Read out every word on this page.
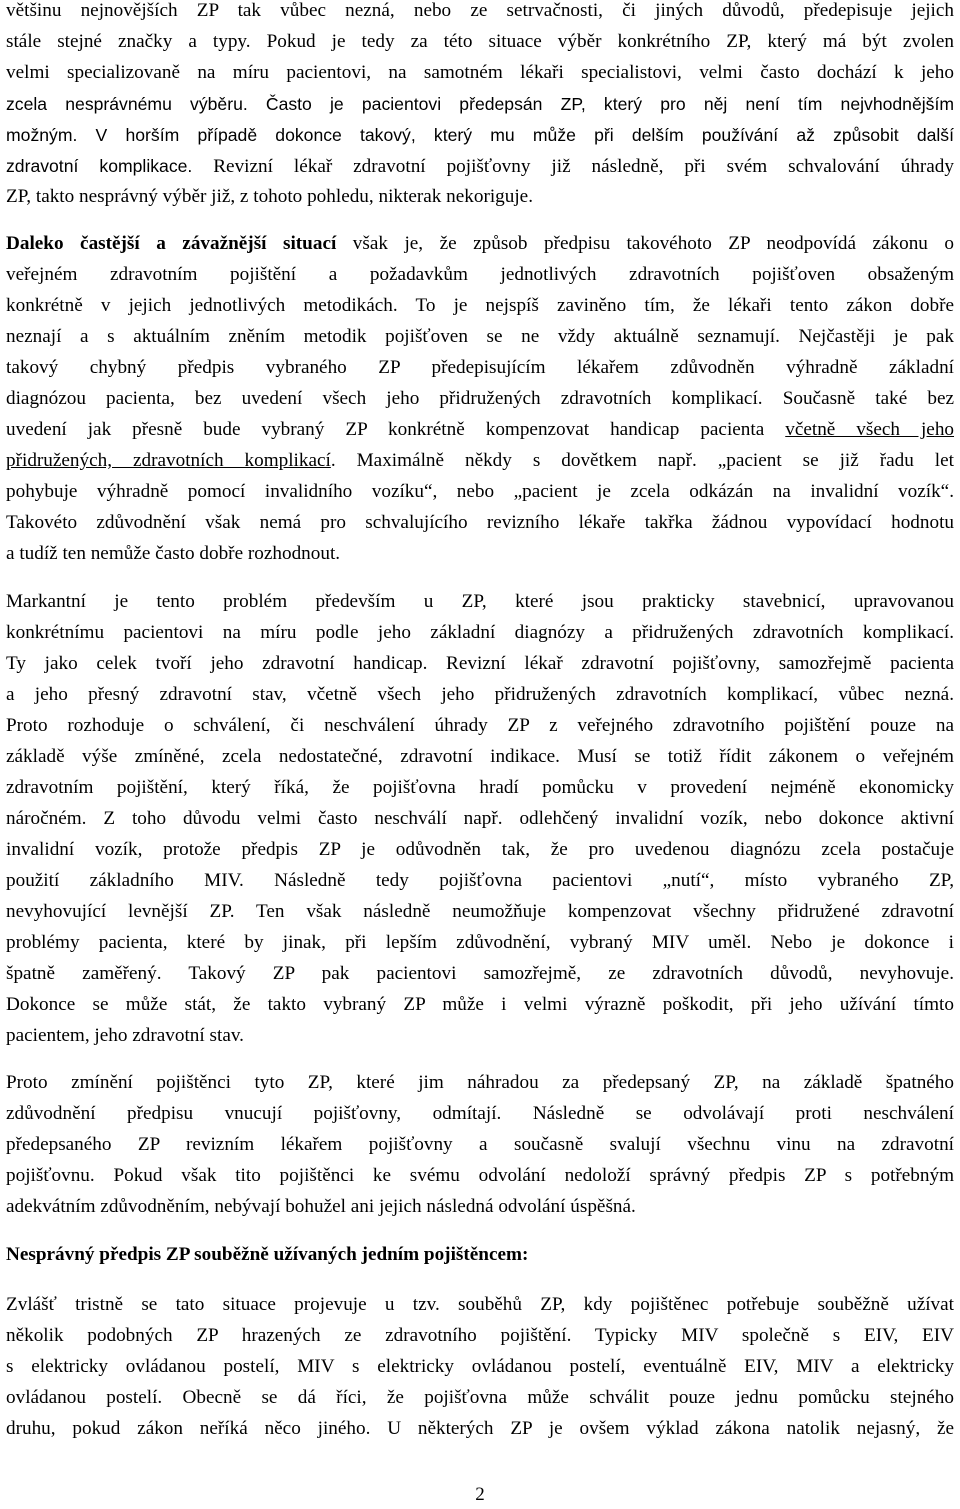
většinu nejnovějších ZP tak vůbec nezná, nebo ze setrvačnosti, či jiných důvodů, předepisuje jejich
stále stejné značky a typy. Pokud je tedy za této situace výběr konkrétního ZP, který má být zvolen
velmi specializovaně na míru pacientovi, na samotném lékaři specialistovi, velmi často dochází k jeho
zcela nesprávnému výběru. Často je pacientovi předepsán ZP, který pro něj není tím nejvhodnějším
možným. V horším případě dokonce takový, který mu může při delším používání až způsobit další
zdravotní komplikace. Revizní lékař zdravotní pojišťovny již následně, při svém schvalování úhrady
ZP, takto nesprávný výběr již, z tohoto pohledu, nikterak nekoriguje.
Daleko častější a závažnější situací však je, že způsob předpisu takovéhoto ZP neodpovídá zákonu o
veřejném zdravotním pojištění a požadavkům jednotlivých zdravotních pojišťoven obsaženým
konkrétně v jejich jednotlivých metodikách. To je nejspíš zaviněno tím, že lékaři tento zákon dobře
neznají a s aktuálním zněním metodik pojišťoven se ne vždy aktuálně seznamují. Nejčastěji je pak
takový chybný předpis vybraného ZP předepisujícím lékařem zdůvodněn výhradně základní
diagnózou pacienta, bez uvedení všech jeho přidružených zdravotních komplikací. Současně také bez
uvedení jak přesně bude vybraný ZP konkrétně kompenzovat handicap pacienta včetně všech jeho
přidružených, zdravotních komplikací. Maximálně někdy s dovětkem např. „pacient se již řadu let
pohybuje výhradně pomocí invalidního vozíku“, nebo „pacient je zcela odkázán na invalidní vozík“.
Takovéto zdůvodnění však nemá pro schvalujícího revizního lékaře takřka žádnou vypovídací hodnotu
a tudíž ten nemůže často dobře rozhodnout.
Markantní je tento problém především u ZP, které jsou prakticky stavebnicí, upravovanou
konkrétnímu pacientovi na míru podle jeho základní diagnózy a přidružených zdravotních komplikací.
Ty jako celek tvoří jeho zdravotní handicap. Revizní lékař zdravotní pojišťovny, samozřejmě pacienta
a jeho přesný zdravotní stav, včetně všech jeho přidružených zdravotních komplikací, vůbec nezná.
Proto rozhoduje o schválení, či neschválení úhrady ZP z veřejného zdravotního pojištění pouze na
základě výše zmíněné, zcela nedostatečné, zdravotní indikace. Musí se totiž řídit zákonem o veřejném
zdravotním pojištění, který říká, že pojišťovna hradí pomůcku v provedení nejméně ekonomicky
náročném. Z toho důvodu velmi často neschválí např. odlehčený invalidní vozík, nebo dokonce aktivní
invalidní vozík, protože předpis ZP je odůvodněn tak, že pro uvedenou diagnózu zcela postačuje
použití základního MIV. Následně tedy pojišťovna pacientovi „nutí“, místo vybraného ZP,
nevyhovující levnější ZP. Ten však následně neumožňuje kompenzovat všechny přidružené zdravotní
problémy pacienta, které by jinak, při lepším zdůvodnění, vybraný MIV uměl. Nebo je dokonce i
špatně zaměřený. Takový ZP pak pacientovi samozřejmě, ze zdravotních důvodů, nevyhovuje.
Dokonce se může stát, že takto vybraný ZP může i velmi výrazně poškodit, při jeho užívání tímto
pacientem, jeho zdravotní stav.
Proto zmínění pojištěnci tyto ZP, které jim náhradou za předepsaný ZP, na základě špatného
zdůvodnění předpisu vnucují pojišťovny, odmítají. Následně se odvolávají proti neschválení
předepsaného ZP revizním lékařem pojišťovny a současně svalují všechnu vinu na zdravotní
pojišťovnu. Pokud však tito pojištěnci ke svému odvolání nedoloží správný předpis ZP s potřebným
adekvátním zdůvodněním, nebývají bohužel ani jejich následná odvolání úspěšná.
Nesprávný předpis ZP souběžně užívaných jedním pojištěncem:
Zvlášť tristně se tato situace projevuje u tzv. souběhů ZP, kdy pojištěnec potřebuje souběžně užívat
několik podobných ZP hrazených ze zdravotního pojištění. Typicky MIV společně s EIV, EIV
s elektricky ovládanou postelí, MIV s elektricky ovládanou postelí, eventuálně EIV, MIV a elektricky
ovládanou postelí. Obecně se dá říci, že pojišťovna může schválit pouze jednu pomůcku stejného
druhu, pokud zákon neříká něco jiného. U některých ZP je ovšem výklad zákona natolik nejasný, že
2
